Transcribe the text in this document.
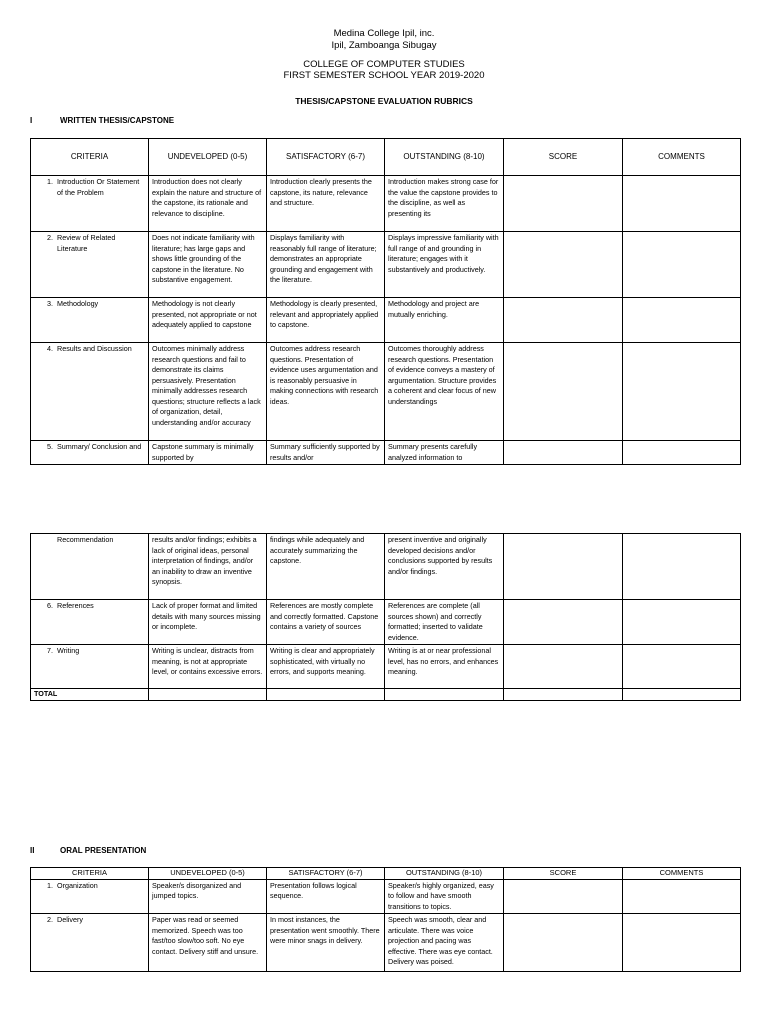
Medina College Ipil, inc.
Ipil, Zamboanga Sibugay
COLLEGE OF COMPUTER STUDIES
FIRST SEMESTER SCHOOL YEAR 2019-2020
THESIS/CAPSTONE EVALUATION RUBRICS
I	WRITTEN THESIS/CAPSTONE
CRITERIA	UNDEVELOPED (0-5)	SATISFACTORY (6-7)	OUTSTANDING (8-10)	SCORE	COMMENTS

1. Introduction Or Statement of the Problem	Introduction does not clearly explain the nature and structure of the capstone, its rationale and relevance to discipline.	Introduction clearly presents the capstone, its nature, relevance and structure.	Introduction makes strong case for the value the capstone provides to the discipline, as well as presenting its		

2. Review of Related Literature	Does not indicate familiarity with literature; has large gaps and shows little grounding of the capstone in the literature. No substantive engagement.	Displays familiarity with reasonably full range of literature; demonstrates an appropriate grounding and engagement with the literature.	Displays impressive familiarity with full range of and grounding in literature; engages with it substantively and productively.		

3. Methodology	Methodology is not clearly presented, not appropriate or not adequately applied to capstone	Methodology is clearly presented, relevant and appropriately applied to capstone.	Methodology and project are mutually enriching.		

4. Results and Discussion	Outcomes minimally address research questions and fail to demonstrate its claims persuasively. Presentation minimally addresses research questions; structure reflects a lack of organization, detail, understanding and/or accuracy	Outcomes address research questions. Presentation of evidence uses argumentation and is reasonably persuasive in making connections with research ideas.	Outcomes thoroughly address research questions. Presentation of evidence conveys a mastery of argumentation. Structure provides a coherent and clear focus of new understandings		

5. Summary/ Conclusion and	Capstone summary is minimally supported by	Summary sufficiently supported by results and/or	Summary presents carefully analyzed information to		
Recommendation	results and/or findings; exhibits a lack of original ideas, personal interpretation of findings, and/or an inability to draw an inventive synopsis.	findings while adequately and accurately summarizing the capstone.	present inventive and originally developed decisions and/or conclusions supported by results and/or findings.		

6. References	Lack of proper format and limited details with many sources missing or incomplete.	References are mostly complete and correctly formatted. Capstone contains a variety of sources	References are complete (all sources shown) and correctly formatted; inserted to validate evidence.		

7. Writing	Writing is unclear, distracts from meaning, is not at appropriate level, or contains excessive errors.	Writing is clear and appropriately sophisticated, with virtually no errors, and supports meaning.	Writing is at or near professional level, has no errors, and enhances meaning.		
TOTAL					
II	ORAL PRESENTATION
CRITERIA	UNDEVELOPED (0-5)	SATISFACTORY (6-7)	OUTSTANDING (8-10)	SCORE	COMMENTS

1. Organization	Speaker/s disorganized and jumped topics.	Presentation follows logical sequence.	Speaker/s highly organized, easy to follow and have smooth transitions to topics.		

2. Delivery	Paper was read or seemed memorized. Speech was too fast/too slow/too soft. No eye contact. Delivery stiff and unsure.	In most instances, the presentation went smoothly. There were minor snags in delivery.	Speech was smooth, clear and articulate. There was voice projection and pacing was effective. There was eye contact. Delivery was poised.		
